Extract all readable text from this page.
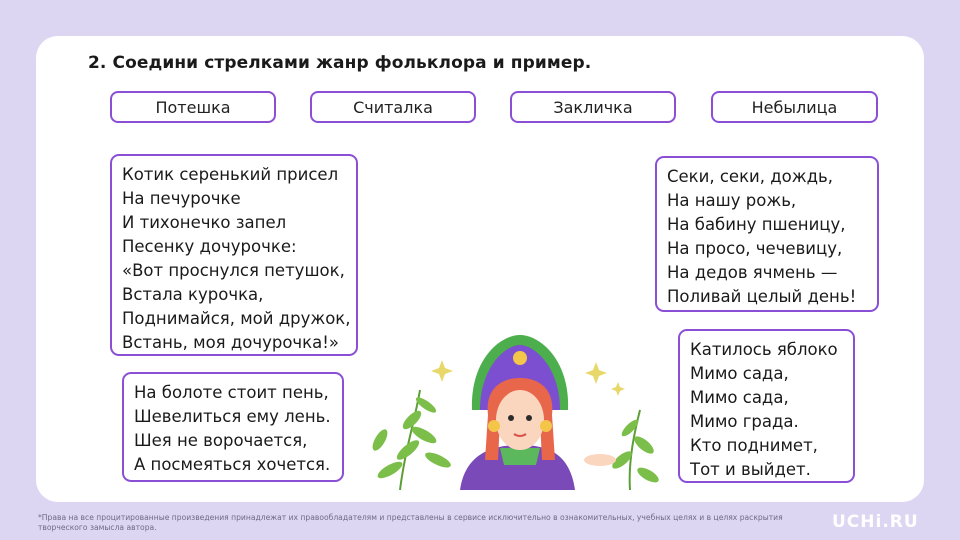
2. Соедини стрелками жанр фольклора и пример.
Потешка	Считалка	Закличка	Небылица
Котик серенький присел
На печурочке
И тихонечко запел
Песенку дочурочке:
«Вот проснулся петушок,
Встала курочка,
Поднимайся, мой дружок,
Встань, моя дочурочка!»
На болоте стоит пень,
Шевелиться ему лень.
Шея не ворочается,
А посмеяться хочется.
Секи, секи, дождь,
На нашу рожь,
На бабину пшеницу,
На просо, чечевицу,
На дедов ячмень —
Поливай целый день!
Катилось яблоко
Мимо сада,
Мимо сада,
Мимо града.
Кто поднимет,
Тот и выйдет.
*Права на все процитированные произведения принадлежат их правообладателям и представлены в сервисе исключительно в ознакомительных, учебных целях и в целях раскрытия творческого замысла автора.	UCHi.RU
